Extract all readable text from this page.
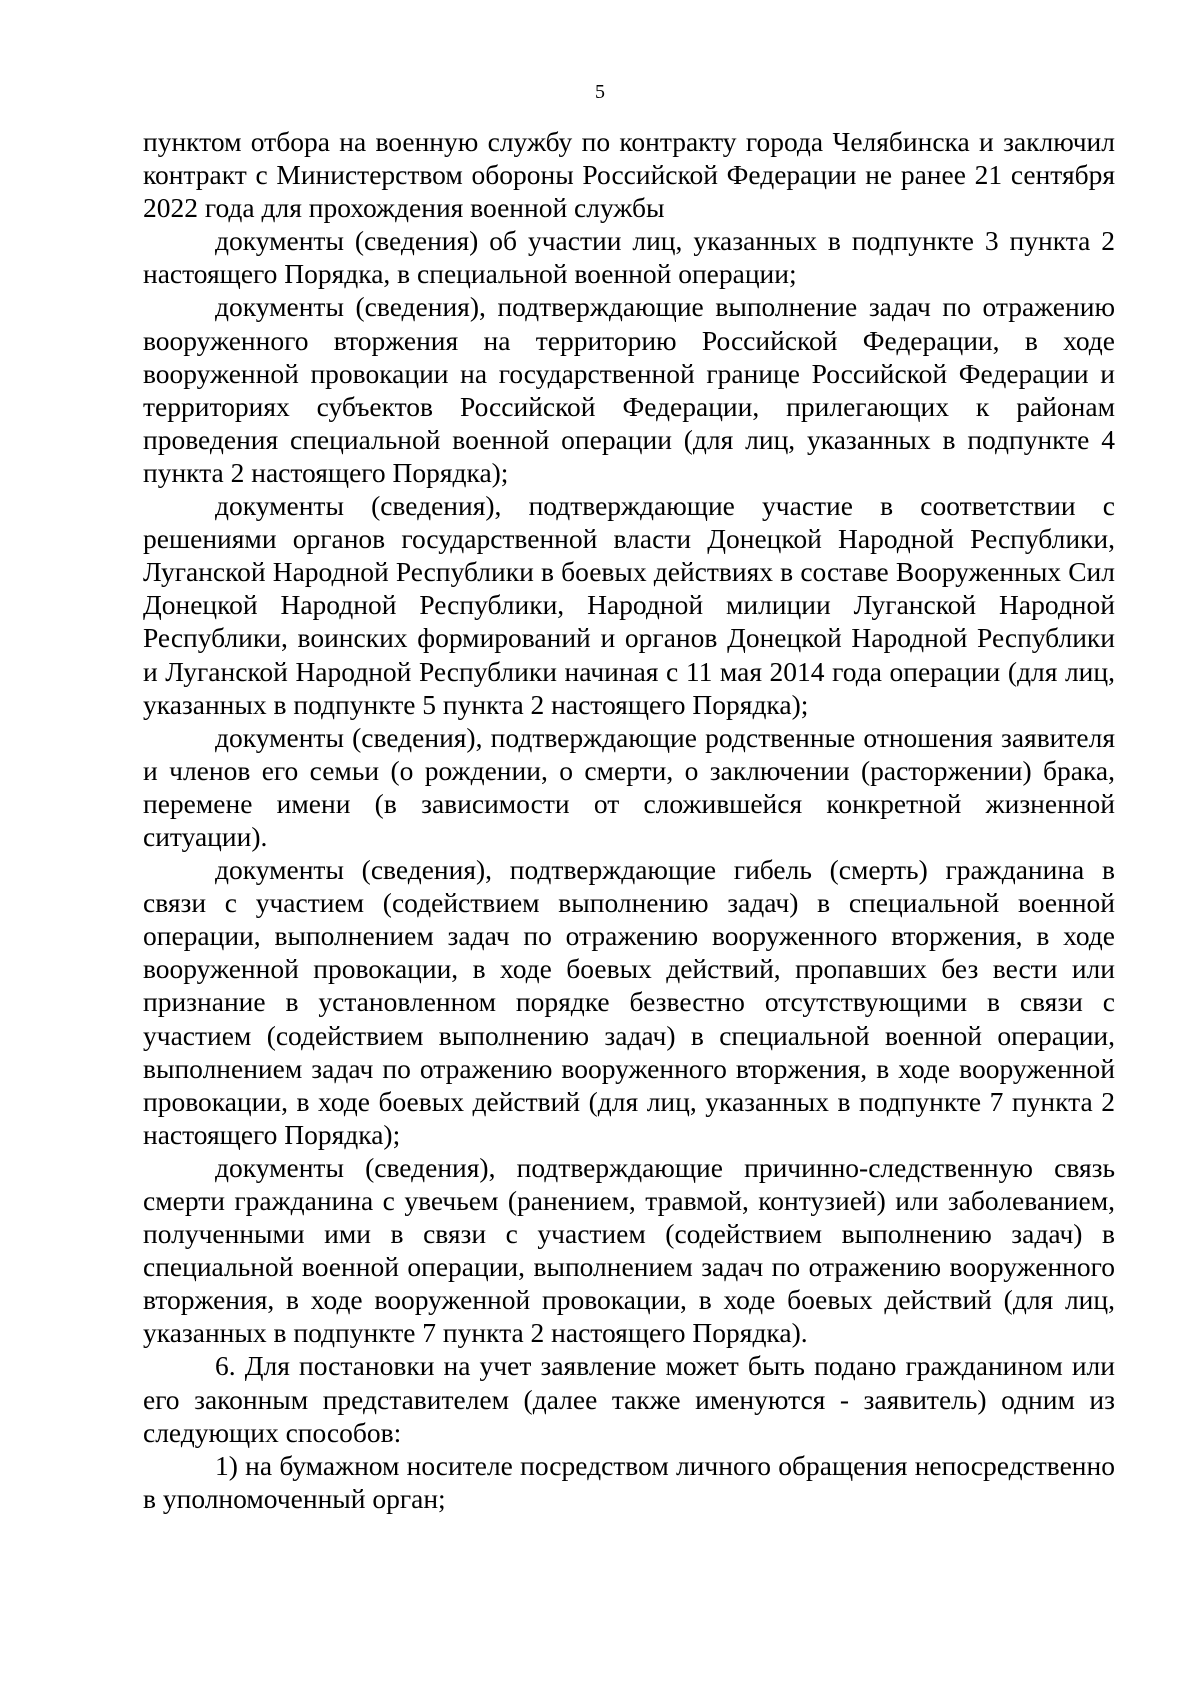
5

пунктом отбора на военную службу по контракту города Челябинска и заключил контракт с Министерством обороны Российской Федерации не ранее 21 сентября 2022 года для прохождения военной службы

документы (сведения) об участии лиц, указанных в подпункте 3 пункта 2 настоящего Порядка, в специальной военной операции;

документы (сведения), подтверждающие выполнение задач по отражению вооруженного вторжения на территорию Российской Федерации, в ходе вооруженной провокации на государственной границе Российской Федерации и территориях субъектов Российской Федерации, прилегающих к районам проведения специальной военной операции (для лиц, указанных в подпункте 4 пункта 2 настоящего Порядка);

документы (сведения), подтверждающие участие в соответствии с решениями органов государственной власти Донецкой Народной Республики, Луганской Народной Республики в боевых действиях в составе Вооруженных Сил Донецкой Народной Республики, Народной милиции Луганской Народной Республики, воинских формирований и органов Донецкой Народной Республики и Луганской Народной Республики начиная с 11 мая 2014 года операции (для лиц, указанных в подпункте 5 пункта 2 настоящего Порядка);

документы (сведения), подтверждающие родственные отношения заявителя и членов его семьи (о рождении, о смерти, о заключении (расторжении) брака, перемене имени (в зависимости от сложившейся конкретной жизненной ситуации).

документы (сведения), подтверждающие гибель (смерть) гражданина в связи с участием (содействием выполнению задач) в специальной военной операции, выполнением задач по отражению вооруженного вторжения, в ходе вооруженной провокации, в ходе боевых действий, пропавших без вести или признание в установленном порядке безвестно отсутствующими в связи с участием (содействием выполнению задач) в специальной военной операции, выполнением задач по отражению вооруженного вторжения, в ходе вооруженной провокации, в ходе боевых действий (для лиц, указанных в подпункте 7 пункта 2 настоящего Порядка);

документы (сведения), подтверждающие причинно-следственную связь смерти гражданина с увечьем (ранением, травмой, контузией) или заболеванием, полученными ими в связи с участием (содействием выполнению задач) в специальной военной операции, выполнением задач по отражению вооруженного вторжения, в ходе вооруженной провокации, в ходе боевых действий (для лиц, указанных в подпункте 7 пункта 2 настоящего Порядка).

6. Для постановки на учет заявление может быть подано гражданином или его законным представителем (далее также именуются - заявитель) одним из следующих способов:

1) на бумажном носителе посредством личного обращения непосредственно в уполномоченный орган;
